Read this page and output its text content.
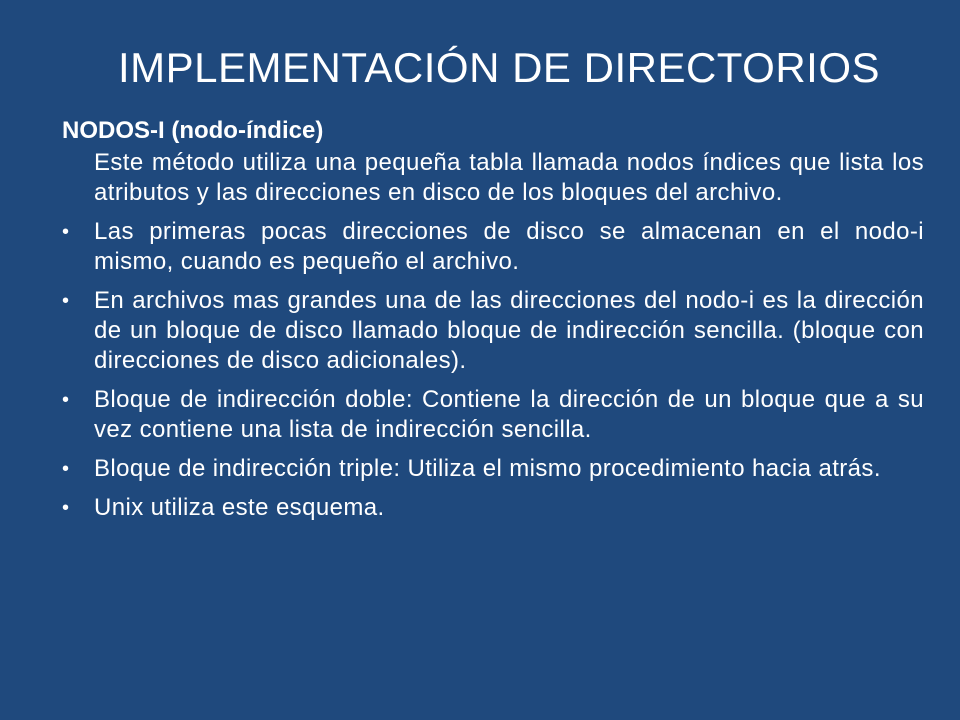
IMPLEMENTACIÓN DE DIRECTORIOS
NODOS-I (nodo-índice)

Este método utiliza una pequeña tabla llamada nodos índices que lista los atributos y las direcciones en disco de los bloques del archivo.

•	Las primeras pocas direcciones de disco se almacenan en el nodo-i mismo, cuando es pequeño el archivo.
•	En archivos mas grandes una de las direcciones del nodo-i es la dirección de un bloque de disco llamado bloque de indirección sencilla. (bloque con direcciones de disco adicionales).
•	Bloque de indirección doble: Contiene la dirección de un bloque que a su vez contiene una lista de indirección sencilla.
•	Bloque de indirección triple: Utiliza el mismo procedimiento hacia atrás.
•	Unix utiliza este esquema.
